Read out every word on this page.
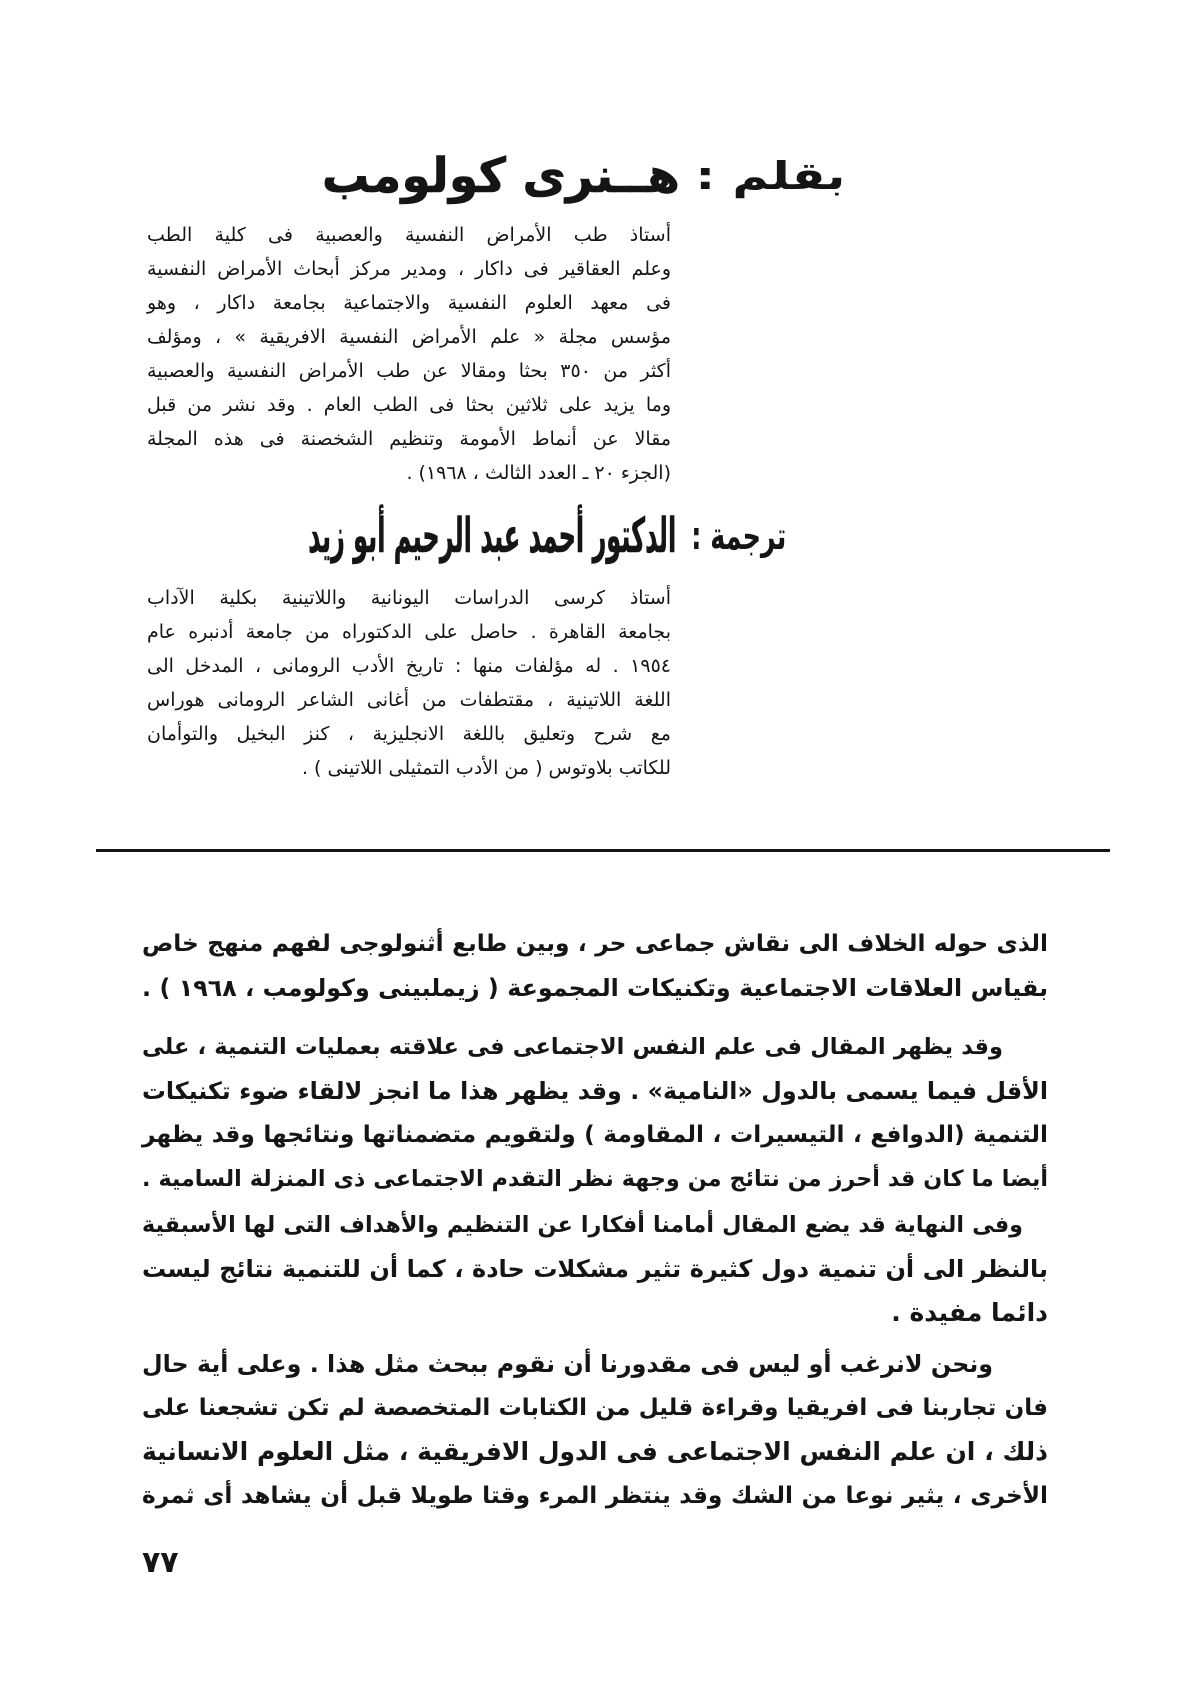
بقلم :
هــنرى كولومب
أستاذ طب الأمراض النفسية والعصبية فى كلية الطب
وعلم العقاقير فى داكار ، ومدير مركز أبحاث الأمراض النفسية
فى معهد العلوم النفسية والاجتماعية بجامعة داكار ، وهو
مؤسس مجلة « علم الأمراض النفسية الافريقية » ، ومؤلف
أكثر من ٣٥٠ بحثا ومقالا عن طب الأمراض النفسية والعصبية
وما يزيد على ثلاثين بحثا فى الطب العام . وقد نشر من قبل
مقالا عن أنماط الأمومة وتنظيم الشخصنة فى هذه المجلة
(الجزء ٢٠ ـ العدد الثالث ، ١٩٦٨) .
ترجمة :
الدكتور أحمد عبد الرحيم أبو زيد
أستاذ كرسى الدراسات اليونانية واللاتينية بكلية الآداب
بجامعة القاهرة . حاصل على الدكتوراه من جامعة أدنبره عام
١٩٥٤ . له مؤلفات منها : تاريخ الأدب الرومانى ، المدخل الى
اللغة اللاتينية ، مقتطفات من أغانى الشاعر الرومانى هوراس
مع شرح وتعليق باللغة الانجليزية ، كنز البخيل والتوأمان
للكاتب بلاوتوس ( من الأدب التمثيلى اللاتينى ) .
الذى حوله الخلاف الى نقاش جماعى حر ، وبين طابع أثنولوجى لفهم منهج خاص
بقياس العلاقات الاجتماعية وتكنيكات المجموعة ( زيملبينى وكولومب ، ١٩٦٨ ) .
وقد يظهر المقال فى علم النفس الاجتماعى فى علاقته بعمليات التنمية ، على
الأقل فيما يسمى بالدول «النامية» . وقد يظهر هذا ما انجز لالقاء ضوء تكنيكات
التنمية (الدوافع ، التيسيرات ، المقاومة ) ولتقويم متضمناتها ونتائجها وقد يظهر
أيضا ما كان قد أحرز من نتائج من وجهة نظر التقدم الاجتماعى ذى المنزلة السامية .
وفى النهاية قد يضع المقال أمامنا أفكارا عن التنظيم والأهداف التى لها الأسبقية
بالنظر الى أن تنمية دول كثيرة تثير مشكلات حادة ، كما أن للتنمية نتائج ليست
دائما مفيدة .
ونحن لانرغب أو ليس فى مقدورنا أن نقوم ببحث مثل هذا . وعلى أية حال
فان تجاربنا فى افريقيا وقراءة قليل من الكتابات المتخصصة لم تكن تشجعنا على
ذلك ، ان علم النفس الاجتماعى فى الدول الافريقية ، مثل العلوم الانسانية
الأخرى ، يثير نوعا من الشك وقد ينتظر المرء وقتا طويلا قبل أن يشاهد أى ثمرة
٧٧
